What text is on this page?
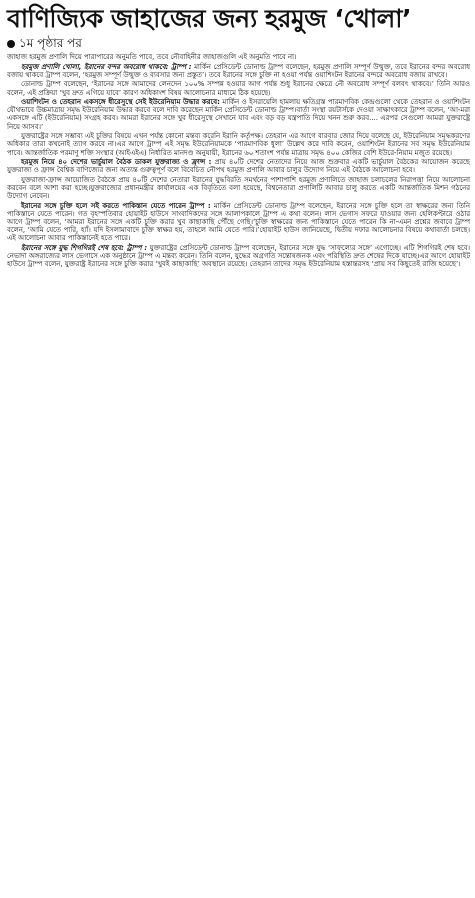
বাণিজ্যিক জাহাজের জন্য হরমুজ ‘খোলা’
১ম পৃষ্ঠার পর

জাহাজ হরমুজ প্রণালি দিয়ে পারাপারের অনুমতি পাবে, তবে নৌবাহিনীর জাহাজগুলি এই অনুমতি পাবে না।

হরমুজ প্রণালি খোলা, ইরানের বন্দর অবরোধ থাকবে: ট্রাম্প : মার্কিন প্রেসিডেন্ট ডোনাল্ড ট্রাম্প বলেছেন, হরমুজ প্রণালি সম্পূর্ণ উন্মুক্ত, তবে ইরানের বন্দর অবরোধ বজায় থাকবে ট্রাম্প বলেন, ‘হরমুজ সম্পূর্ণ উন্মুক্ত ও ব্যবসার জন্য প্রস্তুত’। তবে ইরানের সঙ্গে চুক্তি না হওয়া পর্যন্ত ওয়াশিংটন ইরানের বন্দরে অবরোধ বজায় রাখবে।

ডোনাল্ড ট্রাম্প বলেছেন, ‘ইরানের সঙ্গে আমাদের লেনদেন ১০০% সম্পন্ন হওয়ার আগ পর্যন্ত শুধু ইরানের ক্ষেত্রে নৌ অবরোধ সম্পূর্ণ বলবৎ থাকবে।’ তিনি আরও বলেন, এই প্রক্রিয়া ‘খুব দ্রুত এগিয়ে যাবে’ কারণ অধিকাংশ বিষয় আলোচনার মাধ্যমে ঠিক হয়েছে।

ওয়াশিংটন ও তেহরান একসঙ্গে ধীরেসুস্থে সেই ইউরেনিয়াম উদ্ধার করবে: মার্কিন ও ইসরায়েলি হামলায় ক্ষতিগ্রস্ত পারমাণবিক কেন্দ্রগুলো থেকে তেহরান ও ওয়াশিংটন যৌথভাবে উচ্চমাত্রায় সমৃদ্ধ ইউরেনিয়াম উদ্ধার করবে বলে দাবি করেছেন মার্কিন প্রেসিডেন্ট ডোনাল্ড ট্রাম্প।বার্তা সংস্থা রয়টার্সকে দেওয়া সাক্ষাৎকারে ট্রাম্প বলেন, ‘আ-মরা একসঙ্গে এটি (ইউরেনিয়াম) সংগ্রহ করব। আমরা ইরানের সঙ্গে খুব ধীরেসুস্থে সেখানে যাব এবং বড় বড় যন্ত্রপাতি দিয়ে খনন শুরু করব.... এরপর সেগুলো আমরা যুক্তরাষ্ট্রে নিয়ে আসব।’

যুক্তরাষ্ট্রের সঙ্গে সম্ভাব্য এই চুক্তির বিষয়ে এখন পর্যন্ত কোনো মন্তব্য করেনি ইরানি কর্তৃপক্ষ। তেহরান এর আগে বারবার জোর দিয়ে বলেছে যে, ইউরেনিয়াম সমৃদ্ধকরণের অধিকার তারা কখনোই ত্যাগ করবে না।এর আগে ট্রাম্প এই সমৃদ্ধ ইউরেনিয়ামকে ‘পারমাণবিক ধুলা’ উল্লেখ করে দাবি করেন, ওয়াশিংটন ইরানের সব সমৃদ্ধ ইউরেনিয়াম পাবে। আন্তর্জাতিক পরমাণু শক্তি সংস্থার (আইএইএ) নির্ধারিত মানদণ্ড অনুযায়ী, ইরানের ৬০ শতাংশ পর্যন্ত মাত্রায় সমৃদ্ধ ৪০০ কেজির বেশি ইউরে-নিয়াম মজুত রয়েছে।

হরমুজ নিয়ে ৪০ দেশের ভার্চুয়াল বৈঠক ডাকল যুক্তরাজ্য ও ফ্রান্স : প্রায় ৪০টি দেশের নেতাদের নিয়ে আজ শুক্রবার একটি ভার্চুয়াল বৈঠকের আয়োজন করেছে যুক্তরাজ্য ও ফ্রান্স বৈশ্বিক বাণিজ্যের জন্য অত্যন্ত গুরুত্বপূর্ণ বলে বিবেচিত নৌপথ হরমুজ প্রণালি আবার চালুর উদ্যোগ নিয়ে এই বৈঠকে আলোচনা হবে।

যুক্তরাজ্য-ফ্রান্স আয়োজিত বৈঠকে প্রায় ৪০টি দেশের নেতারা ইরানের যুদ্ধবিরতি সমর্থনের পাশাপাশি হরমুজ প্রণালিতে জাহাজ চলাচলের নিরাপত্তা নিয়ে আলোচনা করবেন বলে আশা করা হচ্ছে।যুক্তরাজ্যের প্রধানমন্ত্রীর কার্যালয়ের এক বিবৃতিতে বলা হয়েছে, বিশ্বনেতারা প্রণালিটি আবার চালু করতে একটি আন্তর্জাতিক মিশন গঠনের উদ্যোগ নেবেন।

ইরানের সঙ্গে চুক্তি হলে সই করতে পাকিস্তান যেতে পারেন ট্রাম্প : মার্কিন প্রেসিডেন্ট ডোনাল্ড ট্রাম্প বলেছেন, ইরানের সঙ্গে চুক্তি হলে তা স্বাক্ষরের জন্য তিনি পাকিস্তানে যেতে পারেন। গত বৃহস্পতিবার হোয়াইট হাউসে সাংবাদিকদের সঙ্গে আলাপকালে ট্রাম্প এ কথা বলেন। লাস ভেগাস সফরে যাওয়ার জন্য হেলিকপ্টারে ওঠার আগে ট্রাম্প বলেন, ‘আমরা ইরানের সঙ্গে একটি চুক্তি করার খুব কাছাকাছি পৌঁছে গেছি।’চুক্তি স্বাক্ষরের জন্য পাকিস্তানে যেতে পারেন কি না-এমন প্রশ্নের জবাবে ট্রাম্প বলেন, ‘আমি যেতে পারি, হ্যাঁ। যদি ইসলামাবাদে চুক্তি স্বাক্ষর হয়, তাহলে আমি যেতে পারি।’হোয়াইট হাউস জানিয়েছে, দ্বিতীয় দফার আলোচনার বিষয়ে কথাবার্তা চলছে। এই আলোচনা আবার পাকিস্তানেই হতে পারে।

ইরানের সঙ্গে যুদ্ধ শিগগিরই শেষ হবে: ট্রাম্প : যুক্তরাষ্ট্রের প্রেসিডেন্ট ডোনাল্ড ট্রাম্প বলেছেন, ইরানের সঙ্গে যুদ্ধ ‘সাফল্যের সঙ্গে’ এগোচ্ছে। এটি শিগগিরই শেষ হবে। নেভাদা অঙ্গরাজ্যের লাস ভেগাসে এক অনুষ্ঠানে ট্রাম্প এ মন্তব্য করেন। তিনি বলেন, যুদ্ধের অগ্রগতি সন্তোষজনক এবং পরিস্থিতি দ্রুত শেষের দিকে যাচ্ছে।এর আগে হোয়াইট হাউসে ট্রাম্প বলেন, যুক্তরাষ্ট্র ইরানের সঙ্গে চুক্তি করার ‘খুবই কাছাকাছি’ অবস্থানে রয়েছে। তেহরান তাদের সমৃদ্ধ ইউরেনিয়াম হস্তান্তরসহ ‘প্রায় সব কিছুতেই রাজি হয়েছে’।
